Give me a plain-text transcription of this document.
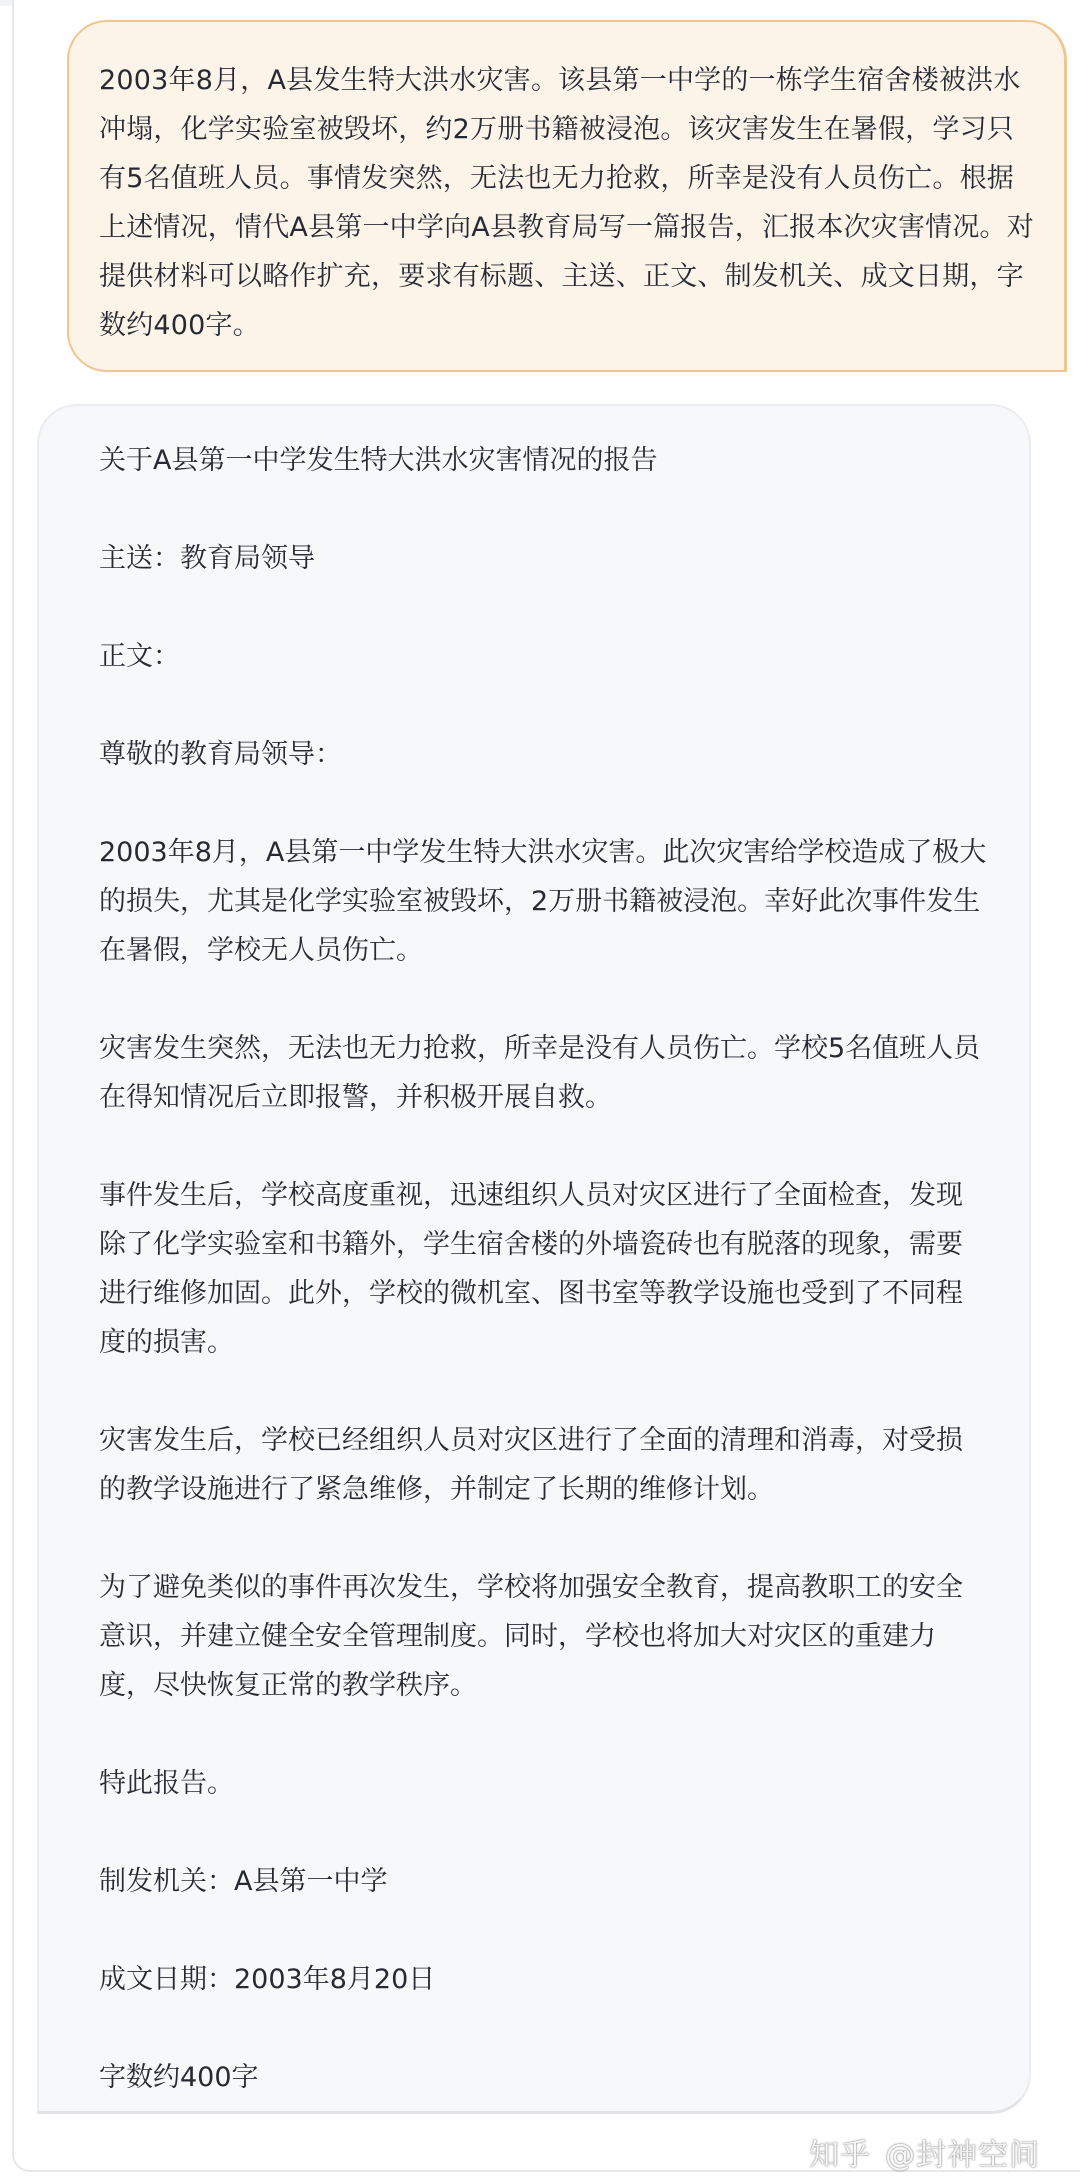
2003年8月，A县发生特大洪水灾害。该县第一中学的一栋学生宿舍楼被洪水冲塌，化学实验室被毁坏，约2万册书籍被浸泡。该灾害发生在暑假，学习只有5名值班人员。事情发突然，无法也无力抢救，所幸是没有人员伤亡。根据上述情况，情代A县第一中学向A县教育局写一篇报告，汇报本次灾害情况。对提供材料可以略作扩充，要求有标题、主送、正文、制发机关、成文日期，字数约400字。

关于A县第一中学发生特大洪水灾害情况的报告

主送：教育局领导

正文：

尊敬的教育局领导：

2003年8月，A县第一中学发生特大洪水灾害。此次灾害给学校造成了极大的损失，尤其是化学实验室被毁坏，2万册书籍被浸泡。幸好此次事件发生在暑假，学校无人员伤亡。

灾害发生突然，无法也无力抢救，所幸是没有人员伤亡。学校5名值班人员在得知情况后立即报警，并积极开展自救。

事件发生后，学校高度重视，迅速组织人员对灾区进行了全面检查，发现除了化学实验室和书籍外，学生宿舍楼的外墙瓷砖也有脱落的现象，需要进行维修加固。此外，学校的微机室、图书室等教学设施也受到了不同程度的损害。

灾害发生后，学校已经组织人员对灾区进行了全面的清理和消毒，对受损的教学设施进行了紧急维修，并制定了长期的维修计划。

为了避免类似的事件再次发生，学校将加强安全教育，提高教职工的安全意识，并建立健全安全管理制度。同时，学校也将加大对灾区的重建力度，尽快恢复正常的教学秩序。

特此报告。

制发机关：A县第一中学

成文日期：2003年8月20日

字数约400字

知乎 @封神空间
